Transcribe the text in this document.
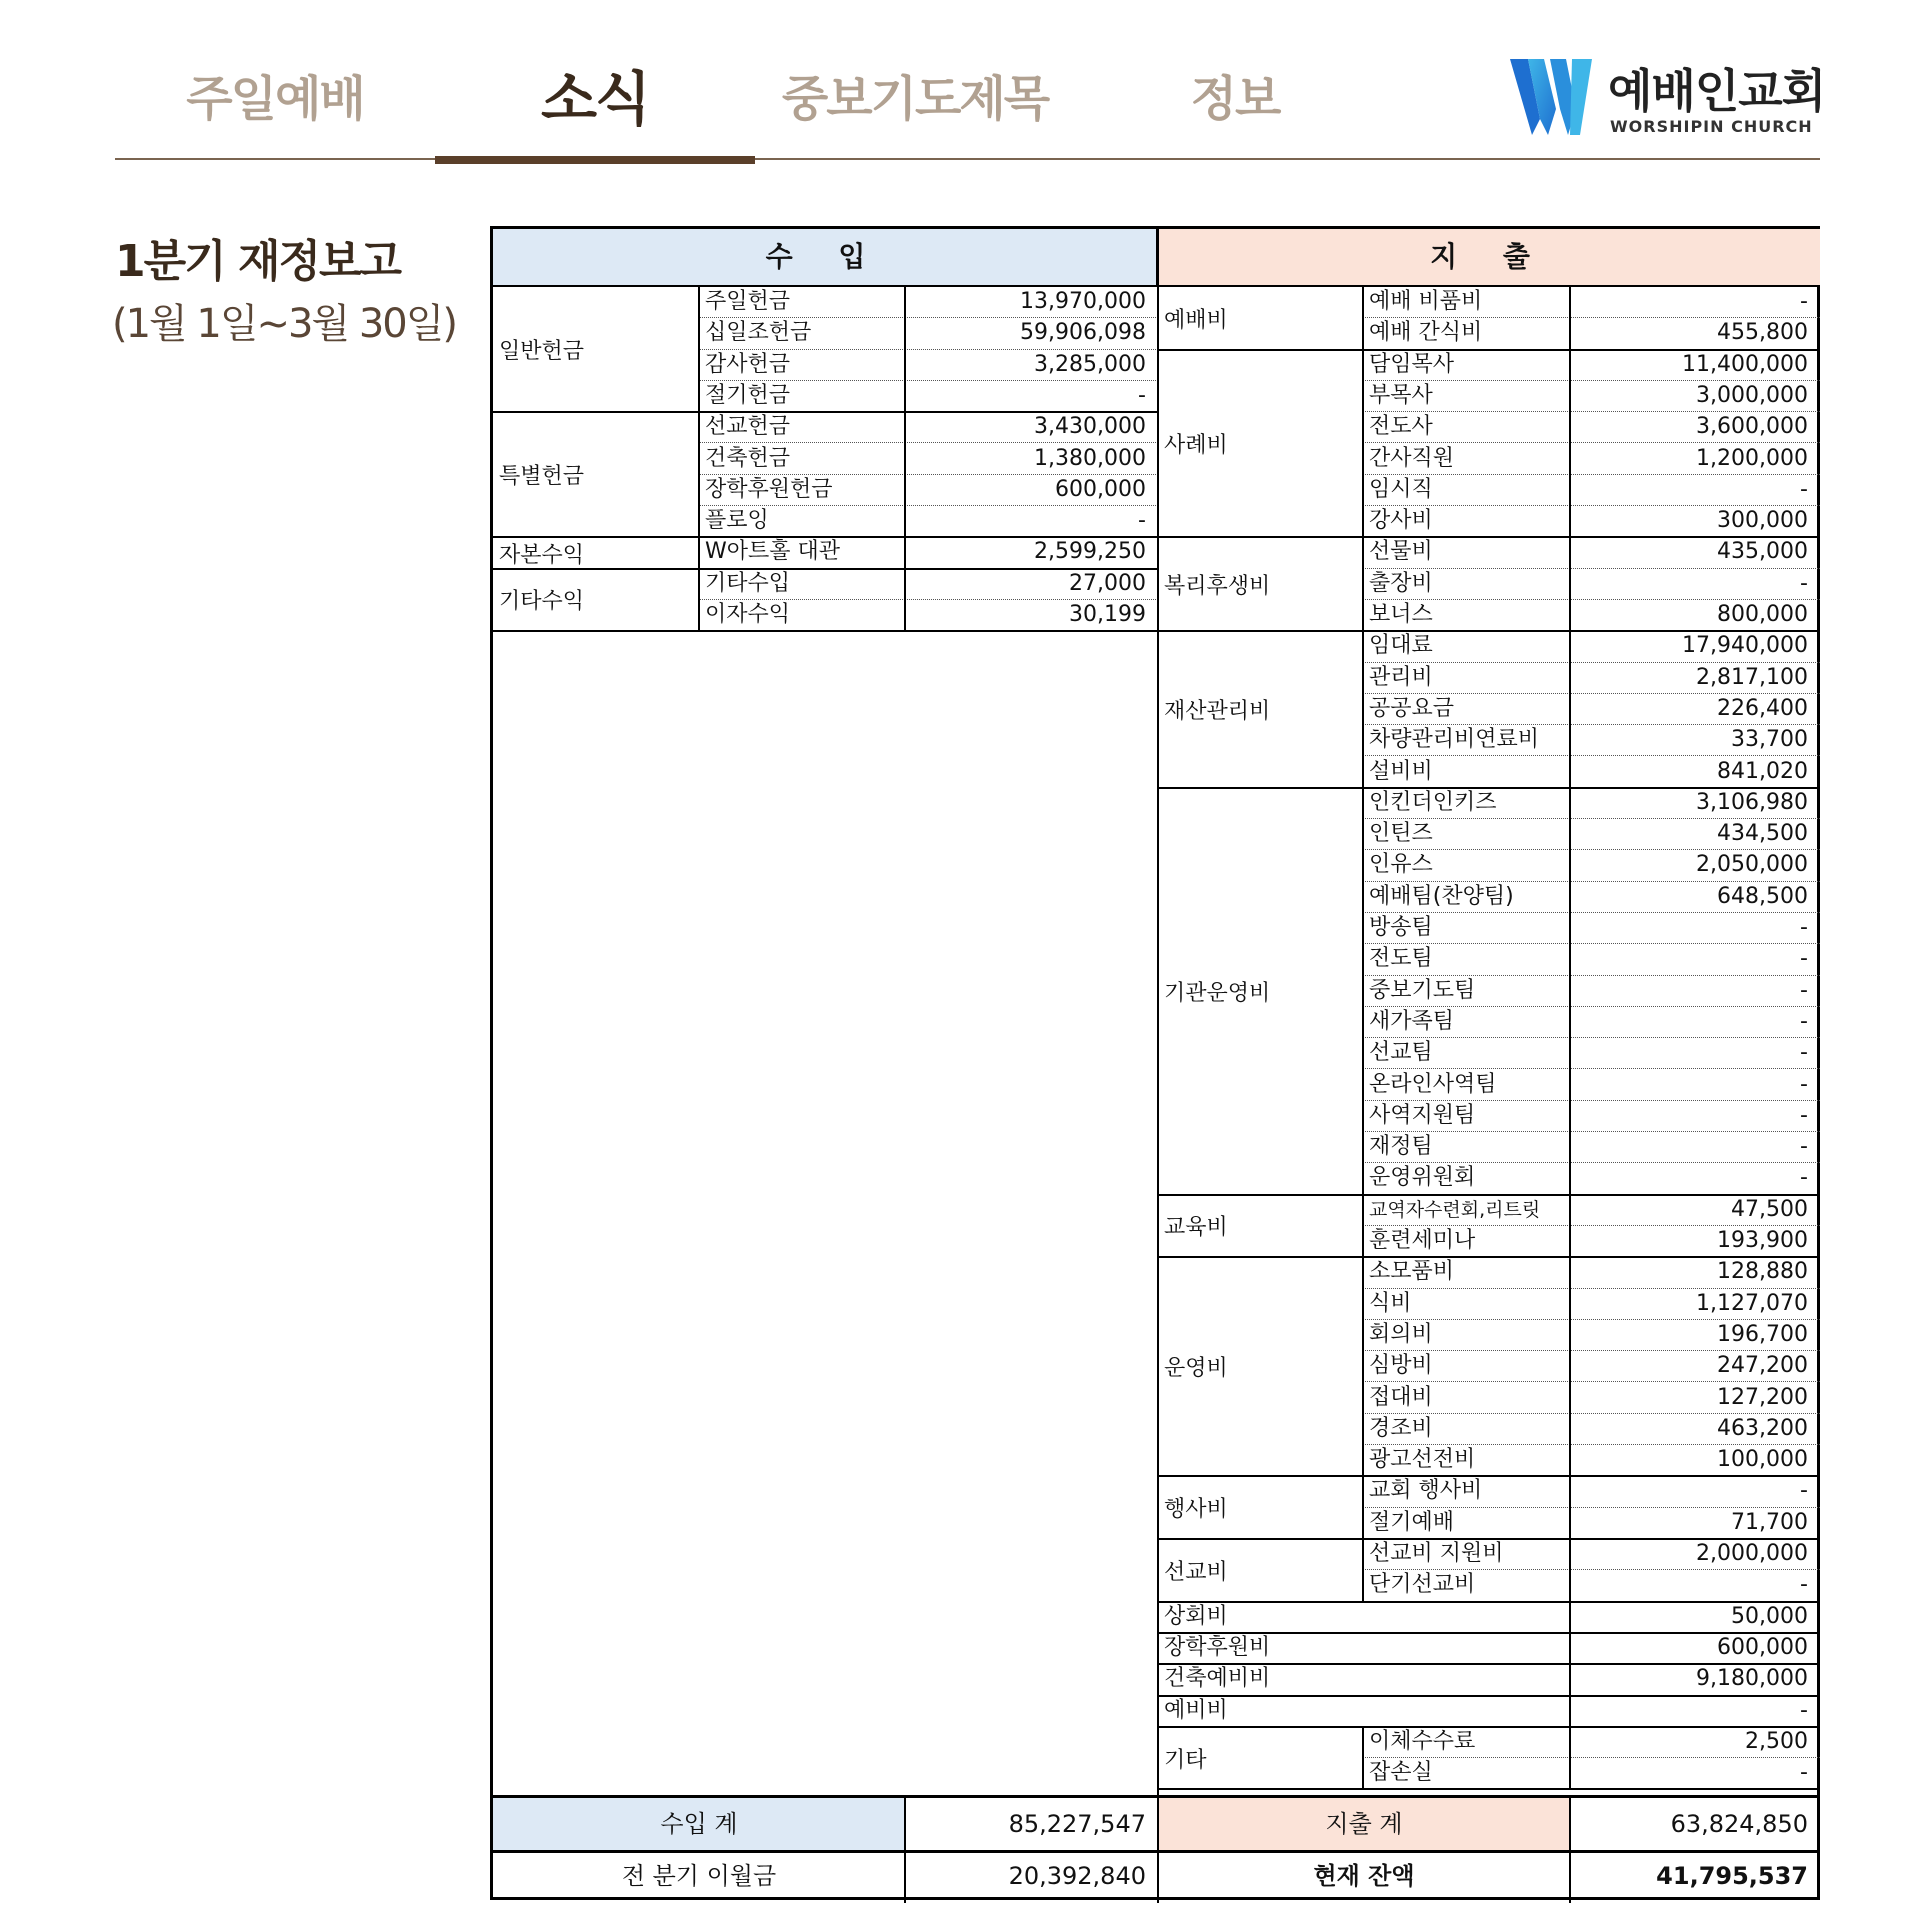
주일예배	소식	중보기도제목	정보	예배인교회
WORSHIPIN CHURCH
1분기 재정보고
(1월 1일~3월 30일)
수 입	지 출
일반헌금
주일헌금	13,970,000
십일조헌금	59,906,098
감사헌금	3,285,000
절기헌금	-
특별헌금
선교헌금	3,430,000
건축헌금	1,380,000
장학후원헌금	600,000
플로잉	-
자본수익	W아트홀 대관	2,599,250
기타수익
기타수입	27,000
이자수익	30,199
예배비
예배 비품비	-
예배 간식비	455,800
사례비
담임목사	11,400,000
부목사	3,000,000
전도사	3,600,000
간사직원	1,200,000
임시직	-
강사비	300,000
복리후생비
선물비	435,000
출장비	-
보너스	800,000
재산관리비
임대료	17,940,000
관리비	2,817,100
공공요금	226,400
차량관리비연료비	33,700
설비비	841,020
기관운영비
인킨더인키즈	3,106,980
인틴즈	434,500
인유스	2,050,000
예배팀(찬양팀)	648,500
방송팀	-
전도팀	-
중보기도팀	-
새가족팀	-
선교팀	-
온라인사역팀	-
사역지원팀	-
재정팀	-
운영위원회	-
교육비
교역자수련회,리트릿	47,500
훈련세미나	193,900
운영비
소모품비	128,880
식비	1,127,070
회의비	196,700
심방비	247,200
접대비	127,200
경조비	463,200
광고선전비	100,000
행사비
교회 행사비	-
절기예배	71,700
선교비
선교비 지원비	2,000,000
단기선교비	-
상회비	50,000
장학후원비	600,000
건축예비비	9,180,000
예비비	-
기타
이체수수료	2,500
잡손실	-
수입 계	85,227,547	지출 계	63,824,850
전 분기 이월금	20,392,840	현재 잔액	41,795,537
